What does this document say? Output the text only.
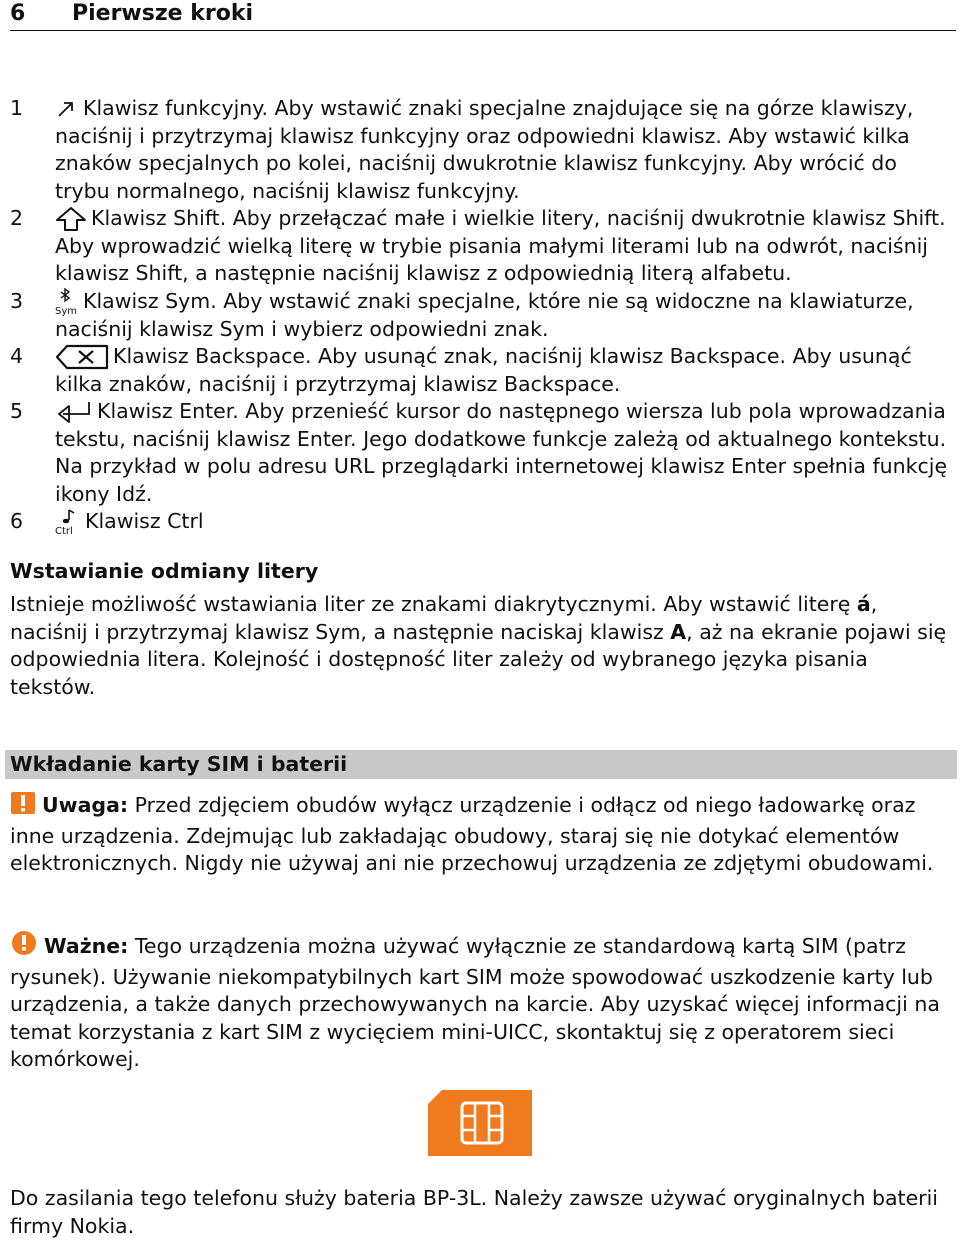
6 Pierwsze kroki
1	Klawisz funkcyjny. Aby wstawić znaki specjalne znajdujące się na górze klawiszy, naciśnij i przytrzymaj klawisz funkcyjny oraz odpowiedni klawisz. Aby wstawić kilka znaków specjalnych po kolei, naciśnij dwukrotnie klawisz funkcyjny. Aby wrócić do trybu normalnego, naciśnij klawisz funkcyjny.
2	Klawisz Shift. Aby przełączać małe i wielkie litery, naciśnij dwukrotnie klawisz Shift. Aby wprowadzić wielką literę w trybie pisania małymi literami lub na odwrót, naciśnij klawisz Shift, a następnie naciśnij klawisz z odpowiednią literą alfabetu.
3	Sym Klawisz Sym. Aby wstawić znaki specjalne, które nie są widoczne na klawiaturze, naciśnij klawisz Sym i wybierz odpowiedni znak.
4	Klawisz Backspace. Aby usunąć znak, naciśnij klawisz Backspace. Aby usunąć kilka znaków, naciśnij i przytrzymaj klawisz Backspace.
5	Klawisz Enter. Aby przenieść kursor do następnego wiersza lub pola wprowadzania tekstu, naciśnij klawisz Enter. Jego dodatkowe funkcje zależą od aktualnego kontekstu. Na przykład w polu adresu URL przeglądarki internetowej klawisz Enter spełnia funkcję ikony Idź.
6	Ctrl Klawisz Ctrl
Wstawianie odmiany litery
Istnieje możliwość wstawiania liter ze znakami diakrytycznymi. Aby wstawić literę á, naciśnij i przytrzymaj klawisz Sym, a następnie naciskaj klawisz A, aż na ekranie pojawi się odpowiednia litera. Kolejność i dostępność liter zależy od wybranego języka pisania tekstów.
Wkładanie karty SIM i baterii
Uwaga: Przed zdjęciem obudów wyłącz urządzenie i odłącz od niego ładowarkę oraz inne urządzenia. Zdejmując lub zakładając obudowy, staraj się nie dotykać elementów elektronicznych. Nigdy nie używaj ani nie przechowuj urządzenia ze zdjętymi obudowami.
Ważne: Tego urządzenia można używać wyłącznie ze standardową kartą SIM (patrz rysunek). Używanie niekompatybilnych kart SIM może spowodować uszkodzenie karty lub urządzenia, a także danych przechowywanych na karcie. Aby uzyskać więcej informacji na temat korzystania z kart SIM z wycięciem mini-UICC, skontaktuj się z operatorem sieci komórkowej.
Do zasilania tego telefonu służy bateria BP-3L. Należy zawsze używać oryginalnych baterii firmy Nokia.
